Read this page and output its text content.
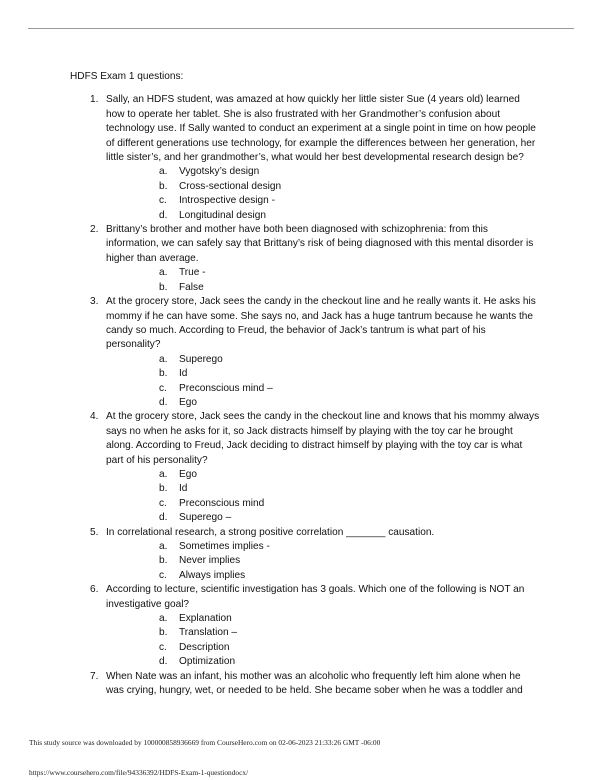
HDFS Exam 1 questions:

1. Sally, an HDFS student, was amazed at how quickly her little sister Sue (4 years old) learned how to operate her tablet. She is also frustrated with her Grandmother’s confusion about technology use. If Sally wanted to conduct an experiment at a single point in time on how people of different generations use technology, for example the differences between her generation, her little sister’s, and her grandmother’s, what would her best developmental research design be?
a. Vygotsky’s design
b. Cross-sectional design
c. Introspective design -
d. Longitudinal design
2. Brittany’s brother and mother have both been diagnosed with schizophrenia: from this information, we can safely say that Brittany’s risk of being diagnosed with this mental disorder is higher than average.
a. True -
b. False
3. At the grocery store, Jack sees the candy in the checkout line and he really wants it. He asks his mommy if he can have some. She says no, and Jack has a huge tantrum because he wants the candy so much. According to Freud, the behavior of Jack’s tantrum is what part of his personality?
a. Superego
b. Id
c. Preconscious mind –
d. Ego
4. At the grocery store, Jack sees the candy in the checkout line and knows that his mommy always says no when he asks for it, so Jack distracts himself by playing with the toy car he brought along. According to Freud, Jack deciding to distract himself by playing with the toy car is what part of his personality?
a. Ego
b. Id
c. Preconscious mind
d. Superego –
5. In correlational research, a strong positive correlation _______ causation.
a. Sometimes implies -
b. Never implies
c. Always implies
6. According to lecture, scientific investigation has 3 goals. Which one of the following is NOT an investigative goal?
a. Explanation
b. Translation –
c. Description
d. Optimization
7. When Nate was an infant, his mother was an alcoholic who frequently left him alone when he was crying, hungry, wet, or needed to be held. She became sober when he was a toddler and
This study source was downloaded by 100000858936669 from CourseHero.com on 02-06-2023 21:33:26 GMT -06:00
https://www.coursehero.com/file/94336392/HDFS-Exam-1-questiondocx/
